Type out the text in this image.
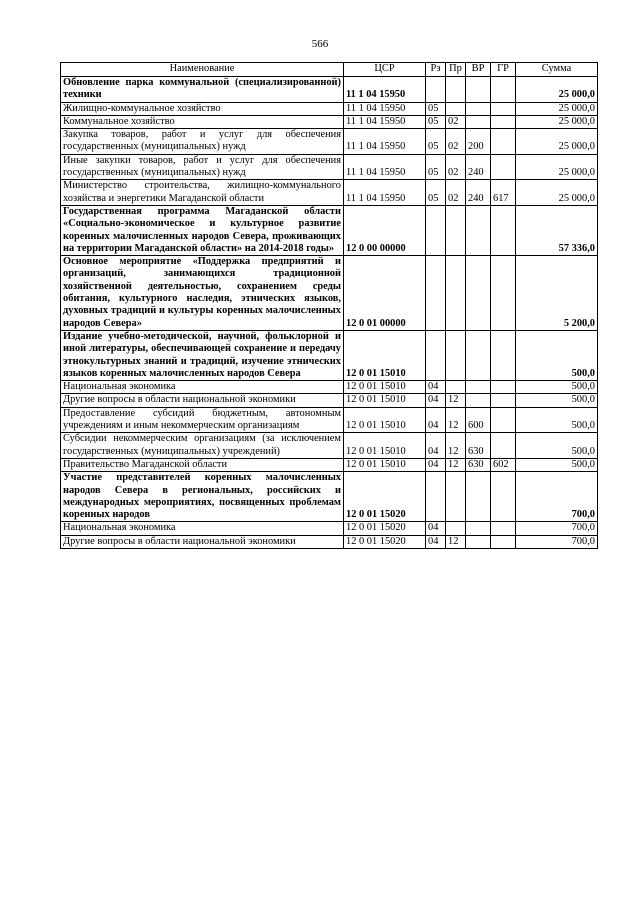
566
Наименование	ЦСР	Рз	Пр	ВР	ГР	Сумма
Обновление парка коммунальной (специализированной) техники	11 1 04 15950					25 000,0
Жилищно-коммунальное хозяйство	11 1 04 15950	05				25 000,0
Коммунальное хозяйство	11 1 04 15950	05	02			25 000,0
Закупка товаров, работ и услуг для обеспечения государственных (муниципальных) нужд	11 1 04 15950	05	02	200		25 000,0
Иные закупки товаров, работ и услуг для обеспечения государственных (муниципальных) нужд	11 1 04 15950	05	02	240		25 000,0
Министерство строительства, жилищно-коммунального хозяйства и энергетики Магаданской области	11 1 04 15950	05	02	240	617	25 000,0
Государственная программа Магаданской области «Социально-экономическое и культурное развитие коренных малочисленных народов Севера, проживающих на территории Магаданской области» на 2014-2018 годы»	12 0 00 00000					57 336,0
Основное мероприятие «Поддержка предприятий и организаций, занимающихся традиционной хозяйственной деятельностью, сохранением среды обитания, культурного наследия, этнических языков, духовных традиций и культуры коренных малочисленных народов Севера»	12 0 01 00000					5 200,0
Издание учебно-методической, научной, фольклорной и иной литературы, обеспечивающей сохранение и передачу этнокультурных знаний и традиций, изучение этнических языков коренных малочисленных народов Севера	12 0 01 15010					500,0
Национальная экономика	12 0 01 15010	04				500,0
Другие вопросы в области национальной экономики	12 0 01 15010	04	12			500,0
Предоставление субсидий бюджетным, автономным учреждениям и иным некоммерческим организациям	12 0 01 15010	04	12	600		500,0
Субсидии некоммерческим организациям (за исключением государственных (муниципальных) учреждений)	12 0 01 15010	04	12	630		500,0
Правительство Магаданской области	12 0 01 15010	04	12	630	602	500,0
Участие представителей коренных малочисленных народов Севера в региональных, российских и международных мероприятиях, посвященных проблемам коренных народов	12 0 01 15020					700,0
Национальная экономика	12 0 01 15020	04				700,0
Другие вопросы в области национальной экономики	12 0 01 15020	04	12			700,0
